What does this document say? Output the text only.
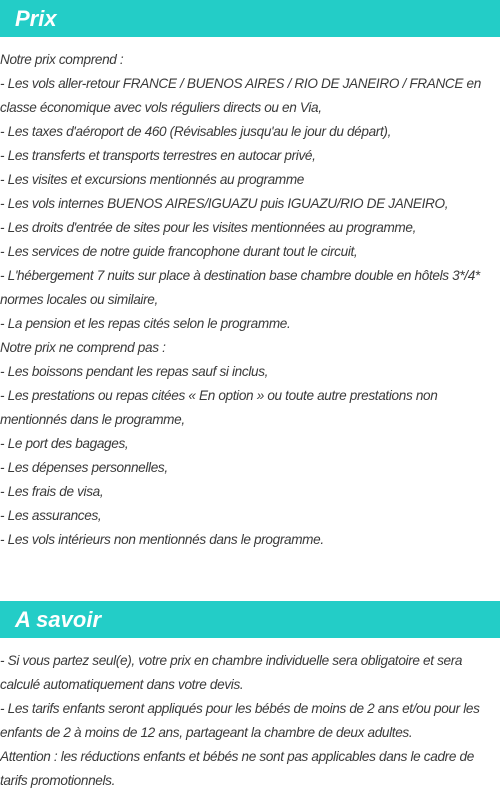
Prix
Notre prix comprend :
- Les vols aller-retour FRANCE / BUENOS AIRES / RIO DE JANEIRO / FRANCE en classe économique avec vols réguliers directs ou en Via,
- Les taxes d'aéroport de 460 (Révisables jusqu'au le jour du départ),
- Les transferts et transports terrestres en autocar privé,
- Les visites et excursions mentionnés au programme
- Les vols internes BUENOS AIRES/IGUAZU puis IGUAZU/RIO DE JANEIRO,
- Les droits d'entrée de sites pour les visites mentionnées au programme,
- Les services de notre guide francophone durant tout le circuit,
- L'hébergement 7 nuits sur place à destination base chambre double en hôtels 3*/4* normes locales ou similaire,
- La pension et les repas cités selon le programme.
Notre prix ne comprend pas :
- Les boissons pendant les repas sauf si inclus,
- Les prestations ou repas citées « En option » ou toute autre prestations non mentionnés dans le programme,
- Le port des bagages,
- Les dépenses personnelles,
- Les frais de visa,
- Les assurances,
- Les vols intérieurs non mentionnés dans le programme.
A savoir
- Si vous partez seul(e), votre prix en chambre individuelle sera obligatoire et sera calculé automatiquement dans votre devis.
- Les tarifs enfants seront appliqués pour les bébés de moins de 2 ans et/ou pour les enfants de 2 à moins de 12 ans, partageant la chambre de deux adultes.
Attention : les réductions enfants et bébés ne sont pas applicables dans le cadre de tarifs promotionnels.
